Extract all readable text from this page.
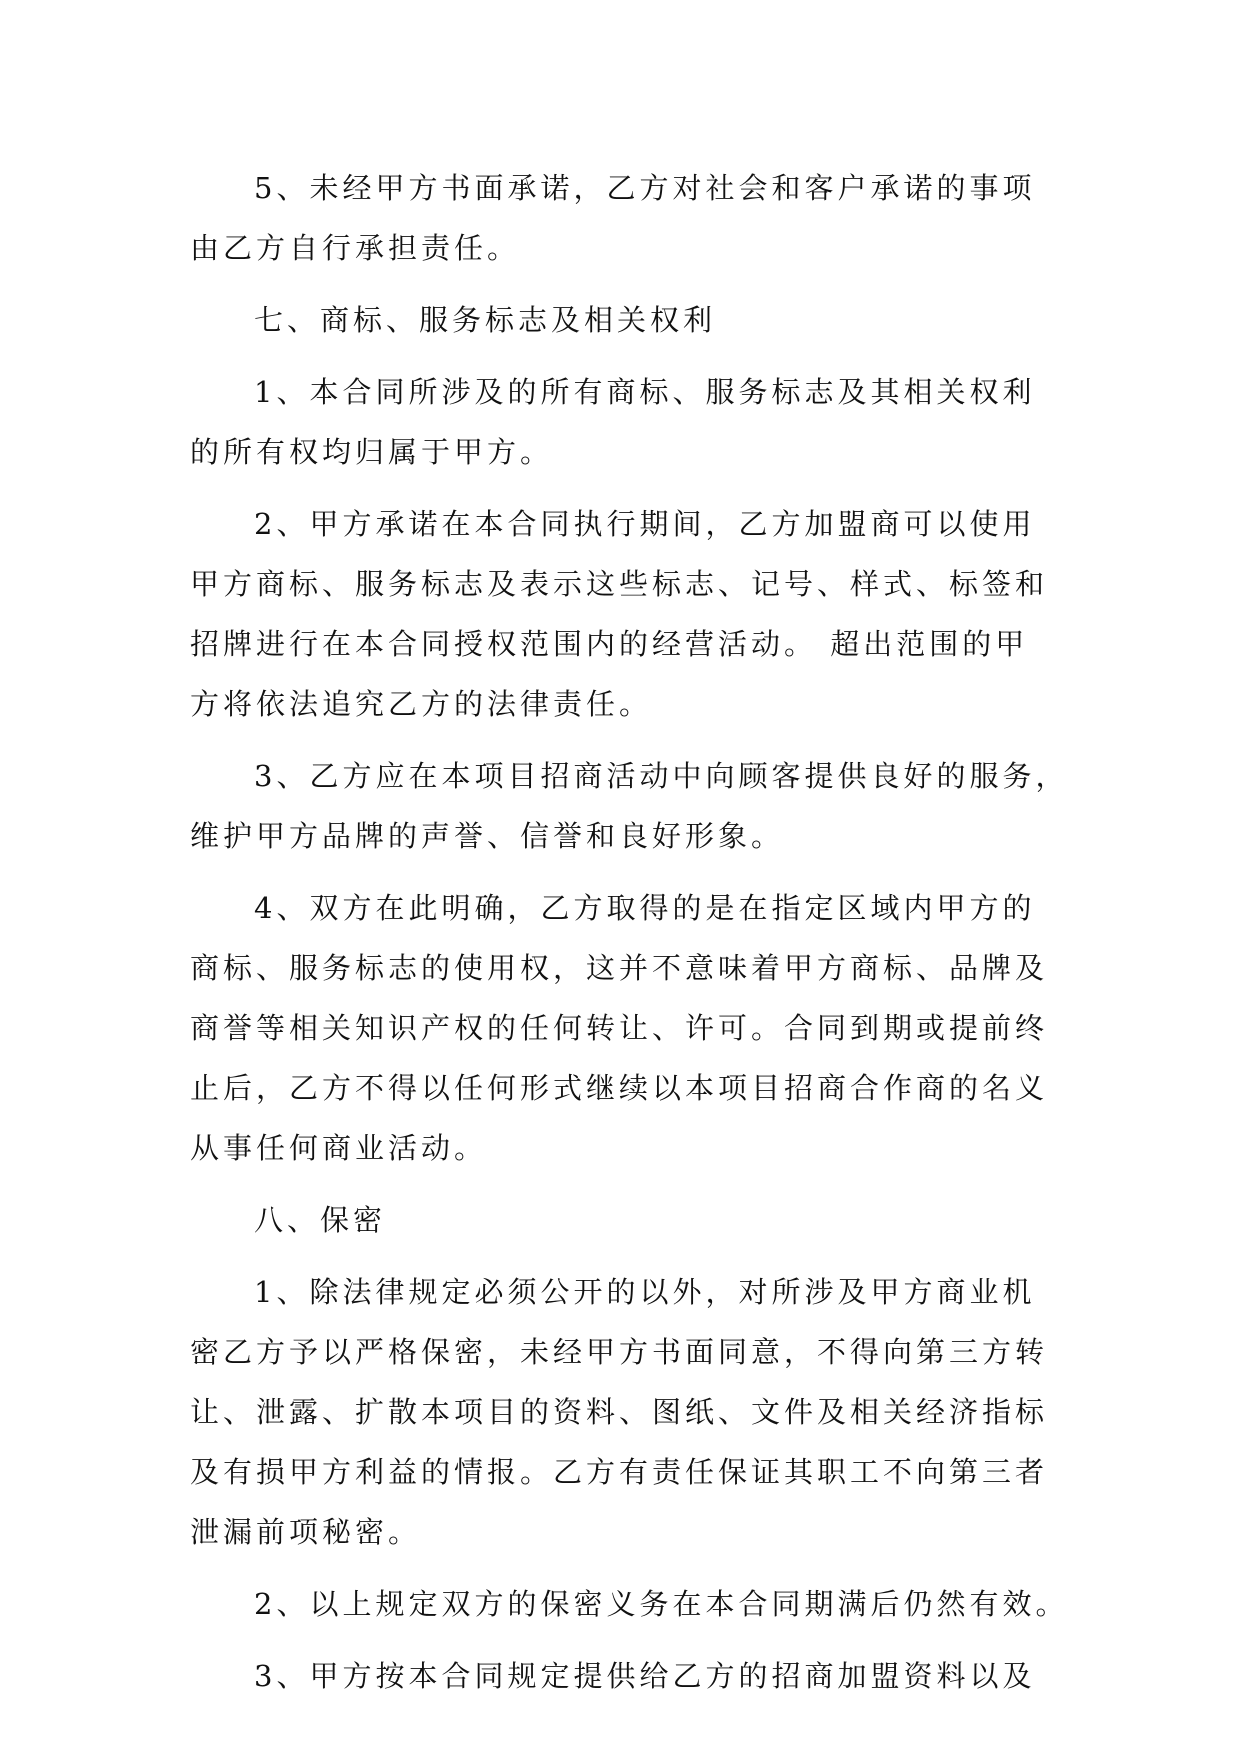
5、未经甲方书面承诺，乙方对社会和客户承诺的事项
由乙方自行承担责任。
七、商标、服务标志及相关权利
1、本合同所涉及的所有商标、服务标志及其相关权利
的所有权均归属于甲方。
2、甲方承诺在本合同执行期间，乙方加盟商可以使用
甲方商标、服务标志及表示这些标志、记号、样式、标签和
招牌进行在本合同授权范围内的经营活动。 超出范围的甲
方将依法追究乙方的法律责任。
3、乙方应在本项目招商活动中向顾客提供良好的服务，
维护甲方品牌的声誉、信誉和良好形象。
4、双方在此明确，乙方取得的是在指定区域内甲方的
商标、服务标志的使用权，这并不意味着甲方商标、品牌及
商誉等相关知识产权的任何转让、许可。合同到期或提前终
止后，乙方不得以任何形式继续以本项目招商合作商的名义
从事任何商业活动。
八、保密
1、除法律规定必须公开的以外，对所涉及甲方商业机
密乙方予以严格保密，未经甲方书面同意，不得向第三方转
让、泄露、扩散本项目的资料、图纸、文件及相关经济指标
及有损甲方利益的情报。乙方有责任保证其职工不向第三者
泄漏前项秘密。
2、以上规定双方的保密义务在本合同期满后仍然有效。
3、甲方按本合同规定提供给乙方的招商加盟资料以及
